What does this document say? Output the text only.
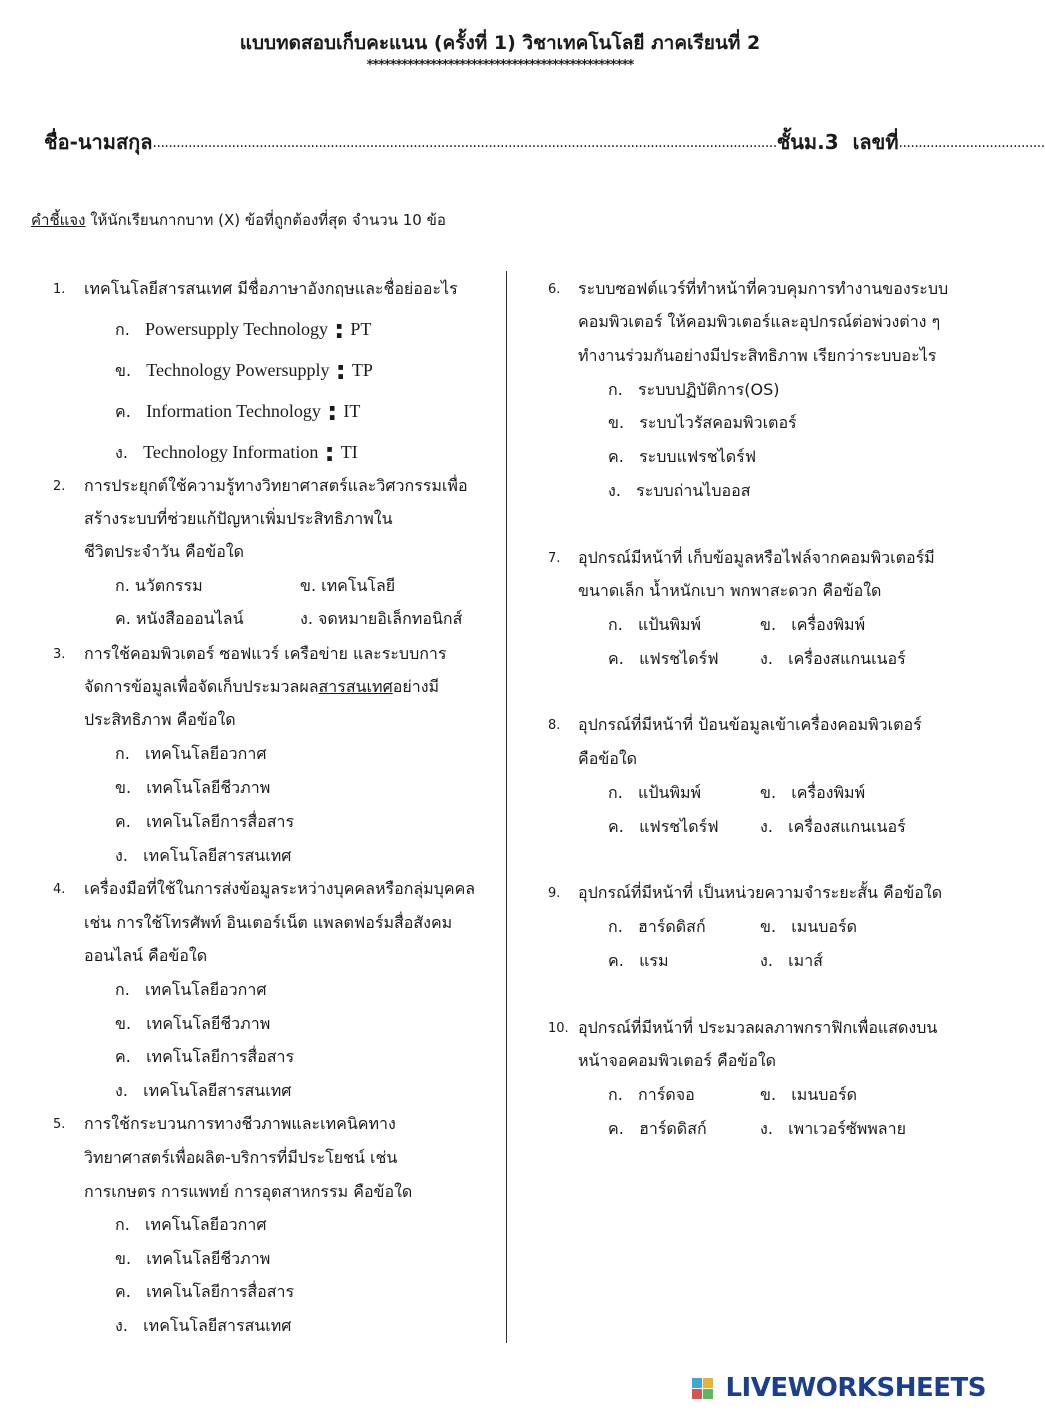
แบบทดสอบเก็บคะแนน (ครั้งที่ 1) วิชาเทคโนโลยี ภาคเรียนที่ 2
**********************************************
ชื่อ-นามสกุล..............................................................................................................................................................ชั้นม.3 เลขที่.....................................
คำชี้แจง ให้นักเรียนกากบาท (X) ข้อที่ถูกต้องที่สุด จำนวน 10 ข้อ
1. เทคโนโลยีสารสนเทศ มีชื่อภาษาอังกฤษและชื่อย่ออะไร
ก. Powersupply Technology : PT
ข. Technology Powersupply : TP
ค. Information Technology : IT
ง. Technology Information : TI
2. การประยุกต์ใช้ความรู้ทางวิทยาศาสตร์และวิศวกรรมเพื่อ
สร้างระบบที่ช่วยแก้ปัญหาเพิ่มประสิทธิภาพใน
ชีวิตประจำวัน คือข้อใด
ก. นวัตกรรม	ข. เทคโนโลยี
ค. หนังสือออนไลน์	ง. จดหมายอิเล็กทอนิกส์
3. การใช้คอมพิวเตอร์ ซอฟแวร์ เครือข่าย และระบบการ
จัดการข้อมูลเพื่อจัดเก็บประมวลผลสารสนเทศอย่างมี
ประสิทธิภาพ คือข้อใด
ก. เทคโนโลยีอวกาศ
ข. เทคโนโลยีชีวภาพ
ค. เทคโนโลยีการสื่อสาร
ง. เทคโนโลยีสารสนเทศ
4. เครื่องมือที่ใช้ในการส่งข้อมูลระหว่างบุคคลหรือกลุ่มบุคคล
เช่น การใช้โทรศัพท์ อินเตอร์เน็ต แพลตฟอร์มสื่อสังคม
ออนไลน์ คือข้อใด
ก. เทคโนโลยีอวกาศ
ข. เทคโนโลยีชีวภาพ
ค. เทคโนโลยีการสื่อสาร
ง. เทคโนโลยีสารสนเทศ
5. การใช้กระบวนการทางชีวภาพและเทคนิคทาง
วิทยาศาสตร์เพื่อผลิต-บริการที่มีประโยชน์ เช่น
การเกษตร การแพทย์ การอุตสาหกรรม คือข้อใด
ก. เทคโนโลยีอวกาศ
ข. เทคโนโลยีชีวภาพ
ค. เทคโนโลยีการสื่อสาร
ง. เทคโนโลยีสารสนเทศ
6. ระบบซอฟต์แวร์ที่ทำหน้าที่ควบคุมการทำงานของระบบ
คอมพิวเตอร์ ให้คอมพิวเตอร์และอุปกรณ์ต่อพ่วงต่าง ๆ
ทำงานร่วมกันอย่างมีประสิทธิภาพ เรียกว่าระบบอะไร
ก. ระบบปฏิบัติการ(OS)
ข. ระบบไวรัสคอมพิวเตอร์
ค. ระบบแฟรชไดร์ฟ
ง. ระบบถ่านไบออส
7. อุปกรณ์มีหน้าที่ เก็บข้อมูลหรือไฟล์จากคอมพิวเตอร์มี
ขนาดเล็ก น้ำหนักเบา พกพาสะดวก คือข้อใด
ก. แป้นพิมพ์	ข. เครื่องพิมพ์
ค. แฟรชไดร์ฟ	ง. เครื่องสแกนเนอร์
8. อุปกรณ์ที่มีหน้าที่ ป้อนข้อมูลเข้าเครื่องคอมพิวเตอร์
คือข้อใด
ก. แป้นพิมพ์	ข. เครื่องพิมพ์
ค. แฟรชไดร์ฟ	ง. เครื่องสแกนเนอร์
9. อุปกรณ์ที่มีหน้าที่ เป็นหน่วยความจำระยะสั้น คือข้อใด
ก. ฮาร์ดดิสก์	ข. เมนบอร์ด
ค. แรม	ง. เมาส์
10. อุปกรณ์ที่มีหน้าที่ ประมวลผลภาพกราฟิกเพื่อแสดงบน
หน้าจอคอมพิวเตอร์ คือข้อใด
ก. การ์ดจอ	ข. เมนบอร์ด
ค. ฮาร์ดดิสก์	ง. เพาเวอร์ซัพพลาย
LIVEWORKSHEETS
